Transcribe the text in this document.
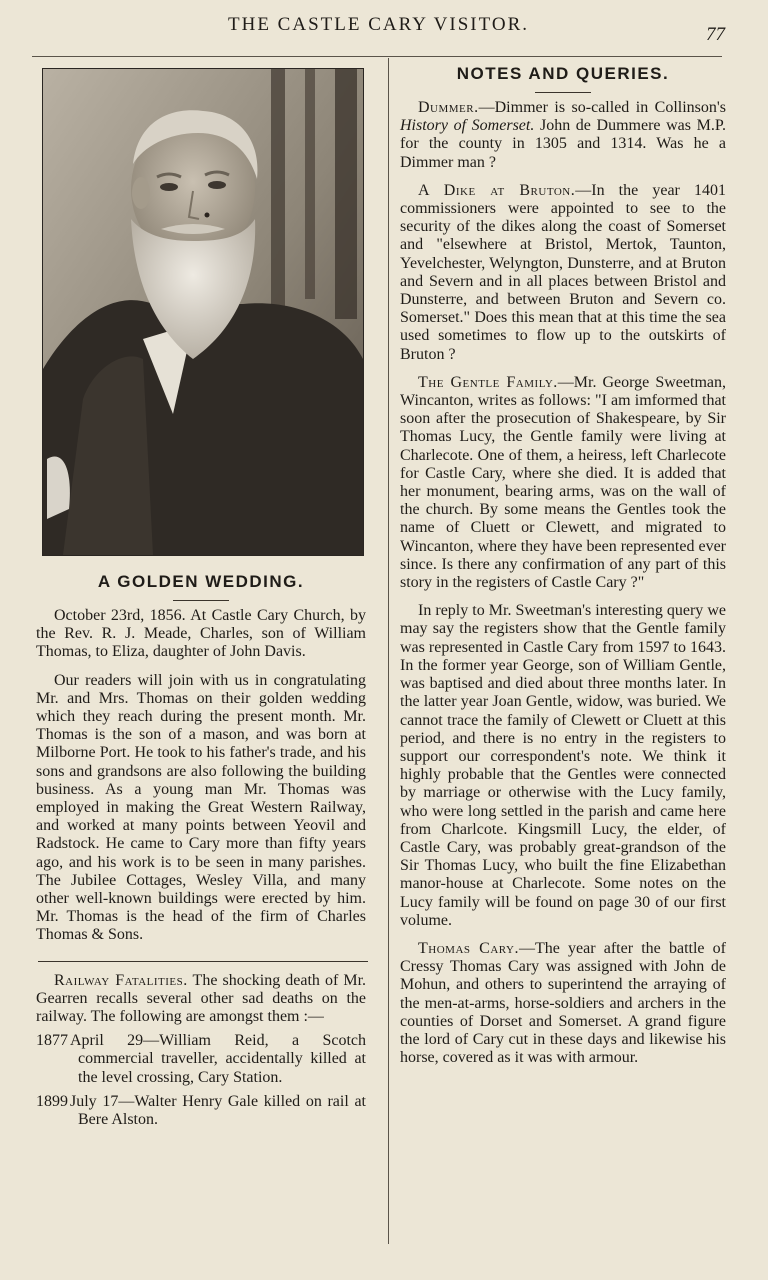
THE CASTLE CARY VISITOR.	77
A GOLDEN WEDDING.

October 23rd, 1856. At Castle Cary Church, by the Rev. R. J. Meade, Charles, son of William Thomas, to Eliza, daughter of John Davis.

Our readers will join with us in congratulating Mr. and Mrs. Thomas on their golden wedding which they reach during the present month. Mr. Thomas is the son of a mason, and was born at Milborne Port. He took to his father's trade, and his sons and grandsons are also following the building business. As a young man Mr. Thomas was employed in making the Great Western Railway, and worked at many points between Yeovil and Radstock. He came to Cary more than fifty years ago, and his work is to be seen in many parishes. The Jubilee Cottages, Wesley Villa, and many other well-known buildings were erected by him. Mr. Thomas is the head of the firm of Charles Thomas & Sons.

Railway Fatalities. The shocking death of Mr. Gearren recalls several other sad deaths on the railway. The following are amongst them :—

1877 April 29—William Reid, a Scotch commercial traveller, accidentally killed at the level crossing, Cary Station.
1899 July 17—Walter Henry Gale killed on rail at Bere Alston.
NOTES AND QUERIES.

Dummer.—Dimmer is so-called in Collinson's History of Somerset. John de Dummere was M.P. for the county in 1305 and 1314. Was he a Dimmer man ?

A Dike at Bruton.—In the year 1401 commissioners were appointed to see to the security of the dikes along the coast of Somerset and "elsewhere at Bristol, Mertok, Taunton, Yevelchester, Welyngton, Dunsterre, and at Bruton and Severn and in all places between Bristol and Dunsterre, and between Bruton and Severn co. Somerset." Does this mean that at this time the sea used sometimes to flow up to the outskirts of Bruton ?

The Gentle Family.—Mr. George Sweetman, Wincanton, writes as follows: "I am imformed that soon after the prosecution of Shakespeare, by Sir Thomas Lucy, the Gentle family were living at Charlecote. One of them, a heiress, left Charlecote for Castle Cary, where she died. It is added that her monument, bearing arms, was on the wall of the church. By some means the Gentles took the name of Cluett or Clewett, and migrated to Wincanton, where they have been represented ever since. Is there any confirmation of any part of this story in the registers of Castle Cary ?"

In reply to Mr. Sweetman's interesting query we may say the registers show that the Gentle family was represented in Castle Cary from 1597 to 1643. In the former year George, son of William Gentle, was baptised and died about three months later. In the latter year Joan Gentle, widow, was buried. We cannot trace the family of Clewett or Cluett at this period, and there is no entry in the registers to support our correspondent's note. We think it highly probable that the Gentles were connected by marriage or otherwise with the Lucy family, who were long settled in the parish and came here from Charlcote. Kingsmill Lucy, the elder, of Castle Cary, was probably great-grandson of the Sir Thomas Lucy, who built the fine Elizabethan manor-house at Charlecote. Some notes on the Lucy family will be found on page 30 of our first volume.

Thomas Cary.—The year after the battle of Cressy Thomas Cary was assigned with John de Mohun, and others to superintend the arraying of the men-at-arms, horse-soldiers and archers in the counties of Dorset and Somerset. A grand figure the lord of Cary cut in these days and likewise his horse, covered as it was with armour.
